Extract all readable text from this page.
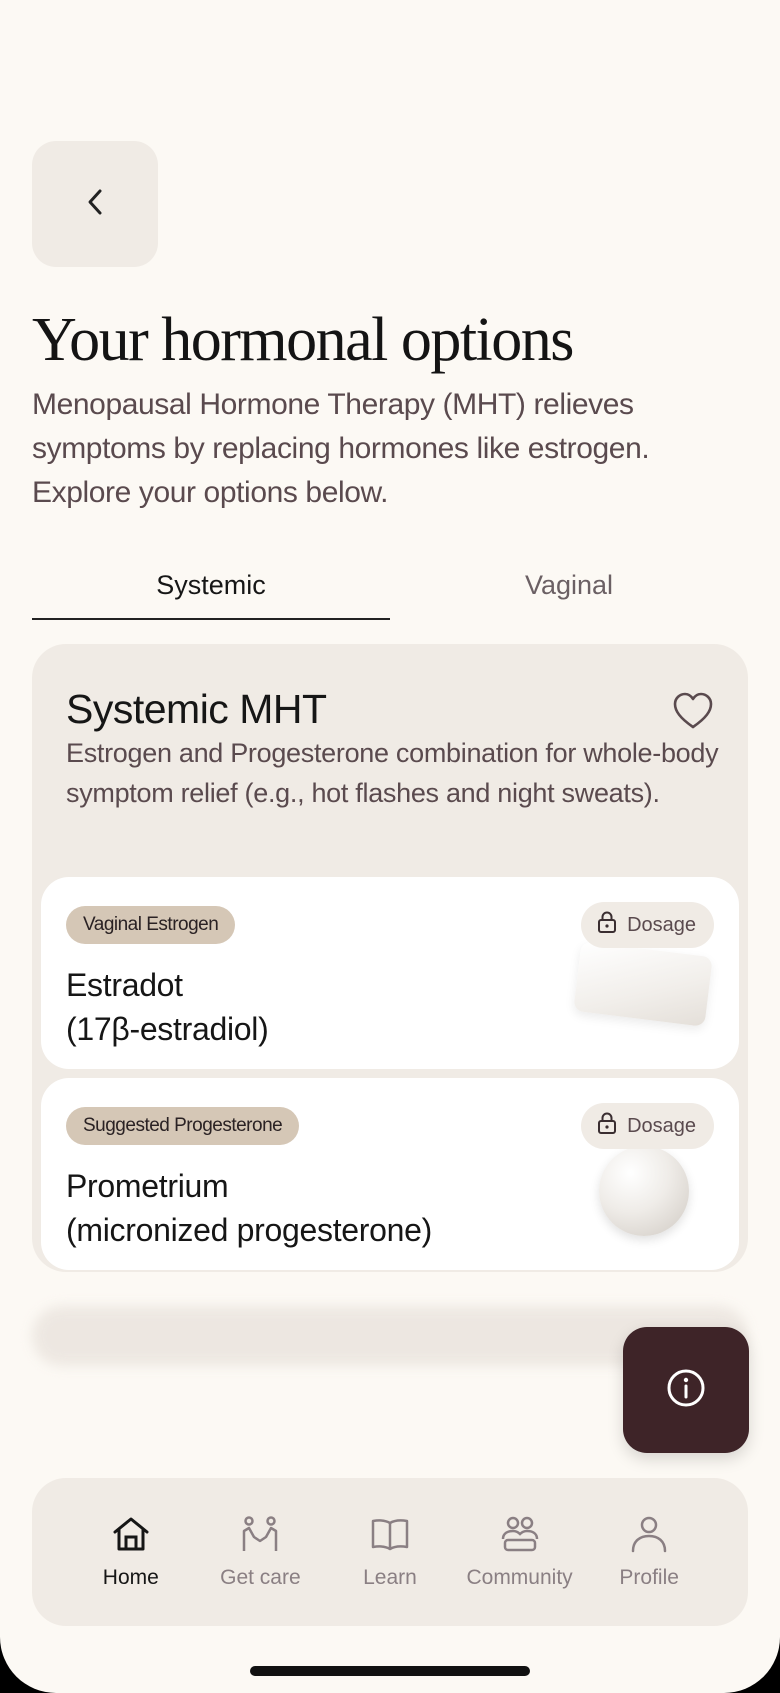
Your hormonal options

Menopausal Hormone Therapy (MHT) relieves symptoms by replacing hormones like estrogen. Explore your options below.

Systemic	Vaginal
Systemic MHT

Estrogen and Progesterone combination for whole-body symptom relief (e.g., hot flashes and night sweats).

Vaginal Estrogen	Dosage
Estradot
(17β-estradiol)
Suggested Progesterone	Dosage
Prometrium
(micronized progesterone)
Home	Get care	Learn Community Profile
